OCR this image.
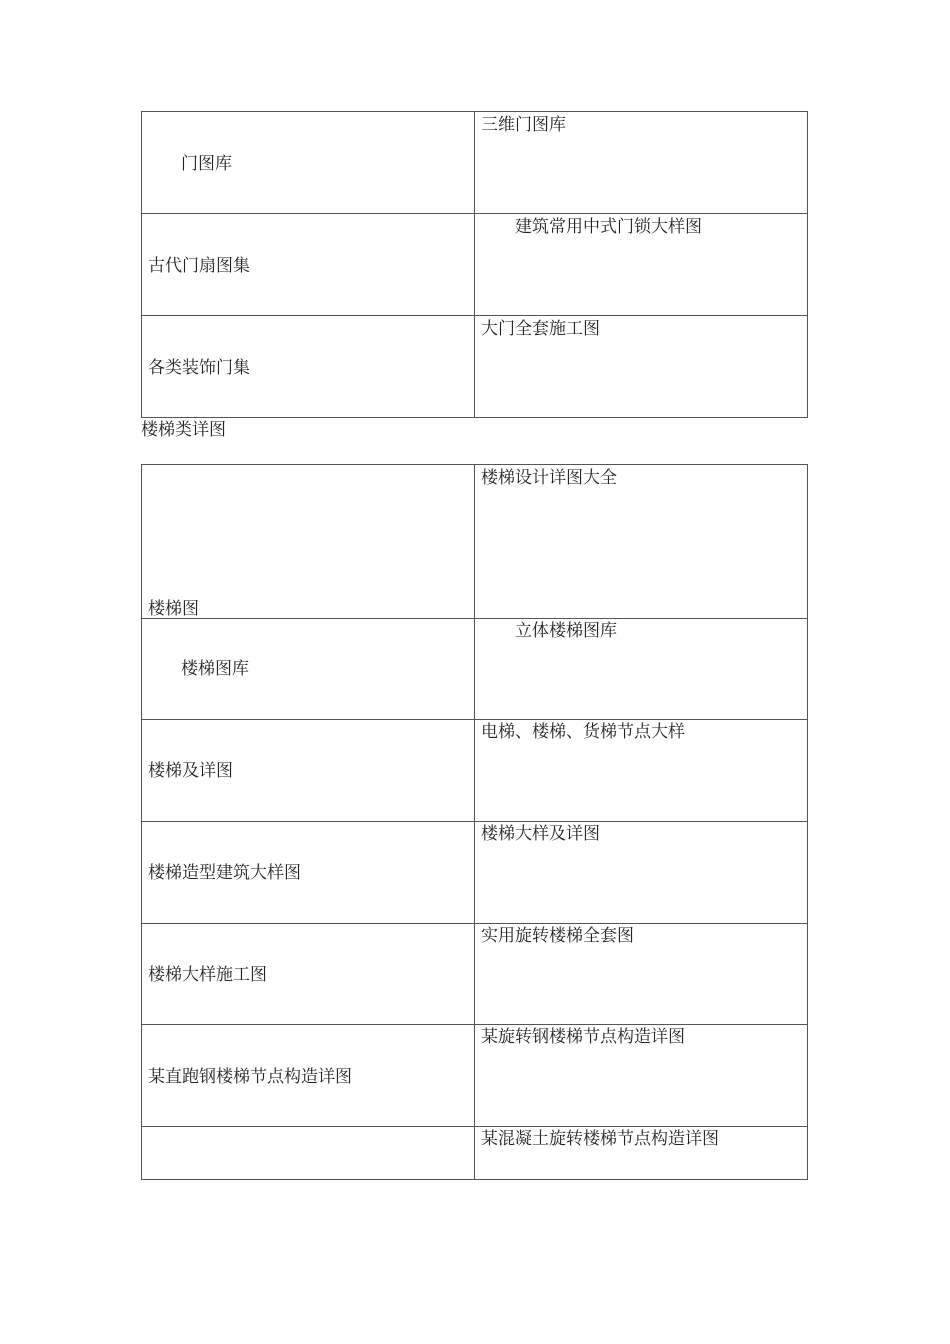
门图库
三维门图库
古代门扇图集
建筑常用中式门锁大样图
各类装饰门集
大门全套施工图
楼梯类详图
楼梯图
楼梯设计详图大全
楼梯图库
立体楼梯图库
楼梯及详图
电梯、楼梯、货梯节点大样
楼梯造型建筑大样图
楼梯大样及详图
楼梯大样施工图
实用旋转楼梯全套图
某直跑钢楼梯节点构造详图
某旋转钢楼梯节点构造详图
某混凝土旋转楼梯节点构造详图
